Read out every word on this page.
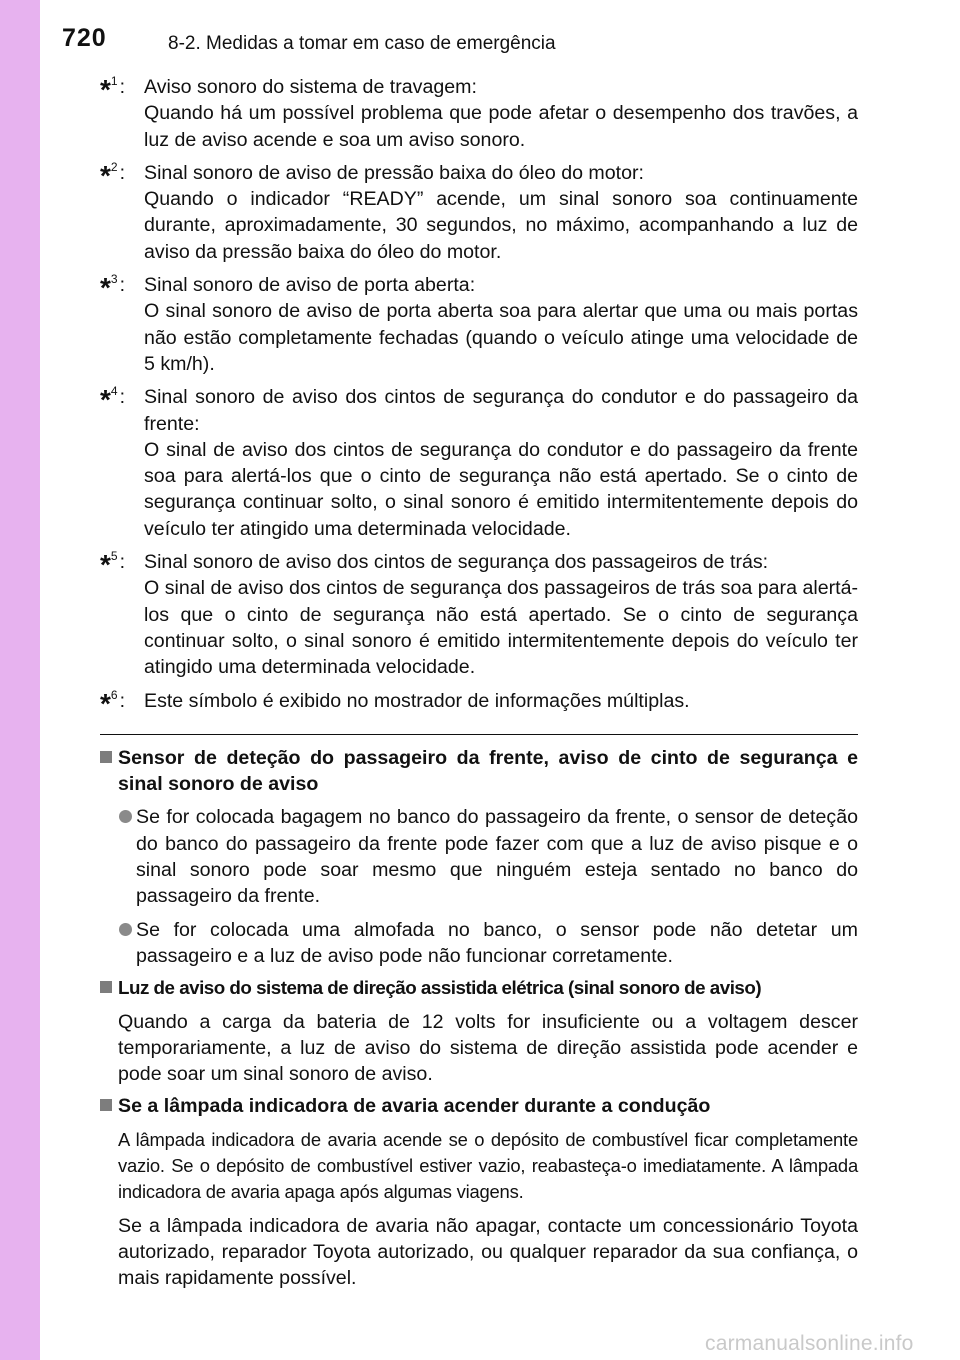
720	8-2. Medidas a tomar em caso de emergência
*$^1$ : Aviso sonoro do sistema de travagem:
Quando há um possível problema que pode afetar o desempenho dos travões, a luz de aviso acende e soa um aviso sonoro.
*$^2$ : Sinal sonoro de aviso de pressão baixa do óleo do motor:
Quando o indicador “READY” acende, um sinal sonoro soa continuamente durante, aproximadamente, 30 segundos, no máximo, acompanhando a luz de aviso da pressão baixa do óleo do motor.
*$^3$ : Sinal sonoro de aviso de porta aberta:
O sinal sonoro de aviso de porta aberta soa para alertar que uma ou mais portas não estão completamente fechadas (quando o veículo atinge uma velocidade de 5 km/h).
*$^4$ : Sinal sonoro de aviso dos cintos de segurança do condutor e do passageiro da frente:
O sinal de aviso dos cintos de segurança do condutor e do passageiro da frente soa para alertá-los que o cinto de segurança não está apertado. Se o cinto de segurança continuar solto, o sinal sonoro é emitido intermitentemente depois do veículo ter atingido uma determinada velocidade.
*$^5$ : Sinal sonoro de aviso dos cintos de segurança dos passageiros de trás:
O sinal de aviso dos cintos de segurança dos passageiros de trás soa para alertá-los que o cinto de segurança não está apertado. Se o cinto de segurança continuar solto, o sinal sonoro é emitido intermitentemente depois do veículo ter atingido uma determinada velocidade.
*$^6$ : Este símbolo é exibido no mostrador de informações múltiplas.
Sensor de deteção do passageiro da frente, aviso de cinto de segurança e sinal sonoro de aviso
Se for colocada bagagem no banco do passageiro da frente, o sensor de deteção do banco do passageiro da frente pode fazer com que a luz de aviso pisque e o sinal sonoro pode soar mesmo que ninguém esteja sentado no banco do passageiro da frente.
Se for colocada uma almofada no banco, o sensor pode não detetar um passageiro e a luz de aviso pode não funcionar corretamente.
Luz de aviso do sistema de direção assistida elétrica (sinal sonoro de aviso)
Quando a carga da bateria de 12 volts for insuficiente ou a voltagem descer temporariamente, a luz de aviso do sistema de direção assistida pode acender e pode soar um sinal sonoro de aviso.
Se a lâmpada indicadora de avaria acender durante a condução
A lâmpada indicadora de avaria acende se o depósito de combustível ficar completamente vazio. Se o depósito de combustível estiver vazio, reabasteça-o imediatamente. A lâmpada indicadora de avaria apaga após algumas viagens.
Se a lâmpada indicadora de avaria não apagar, contacte um concessionário Toyota autorizado, reparador Toyota autorizado, ou qualquer reparador da sua confiança, o mais rapidamente possível.
carmanualsonline.info
